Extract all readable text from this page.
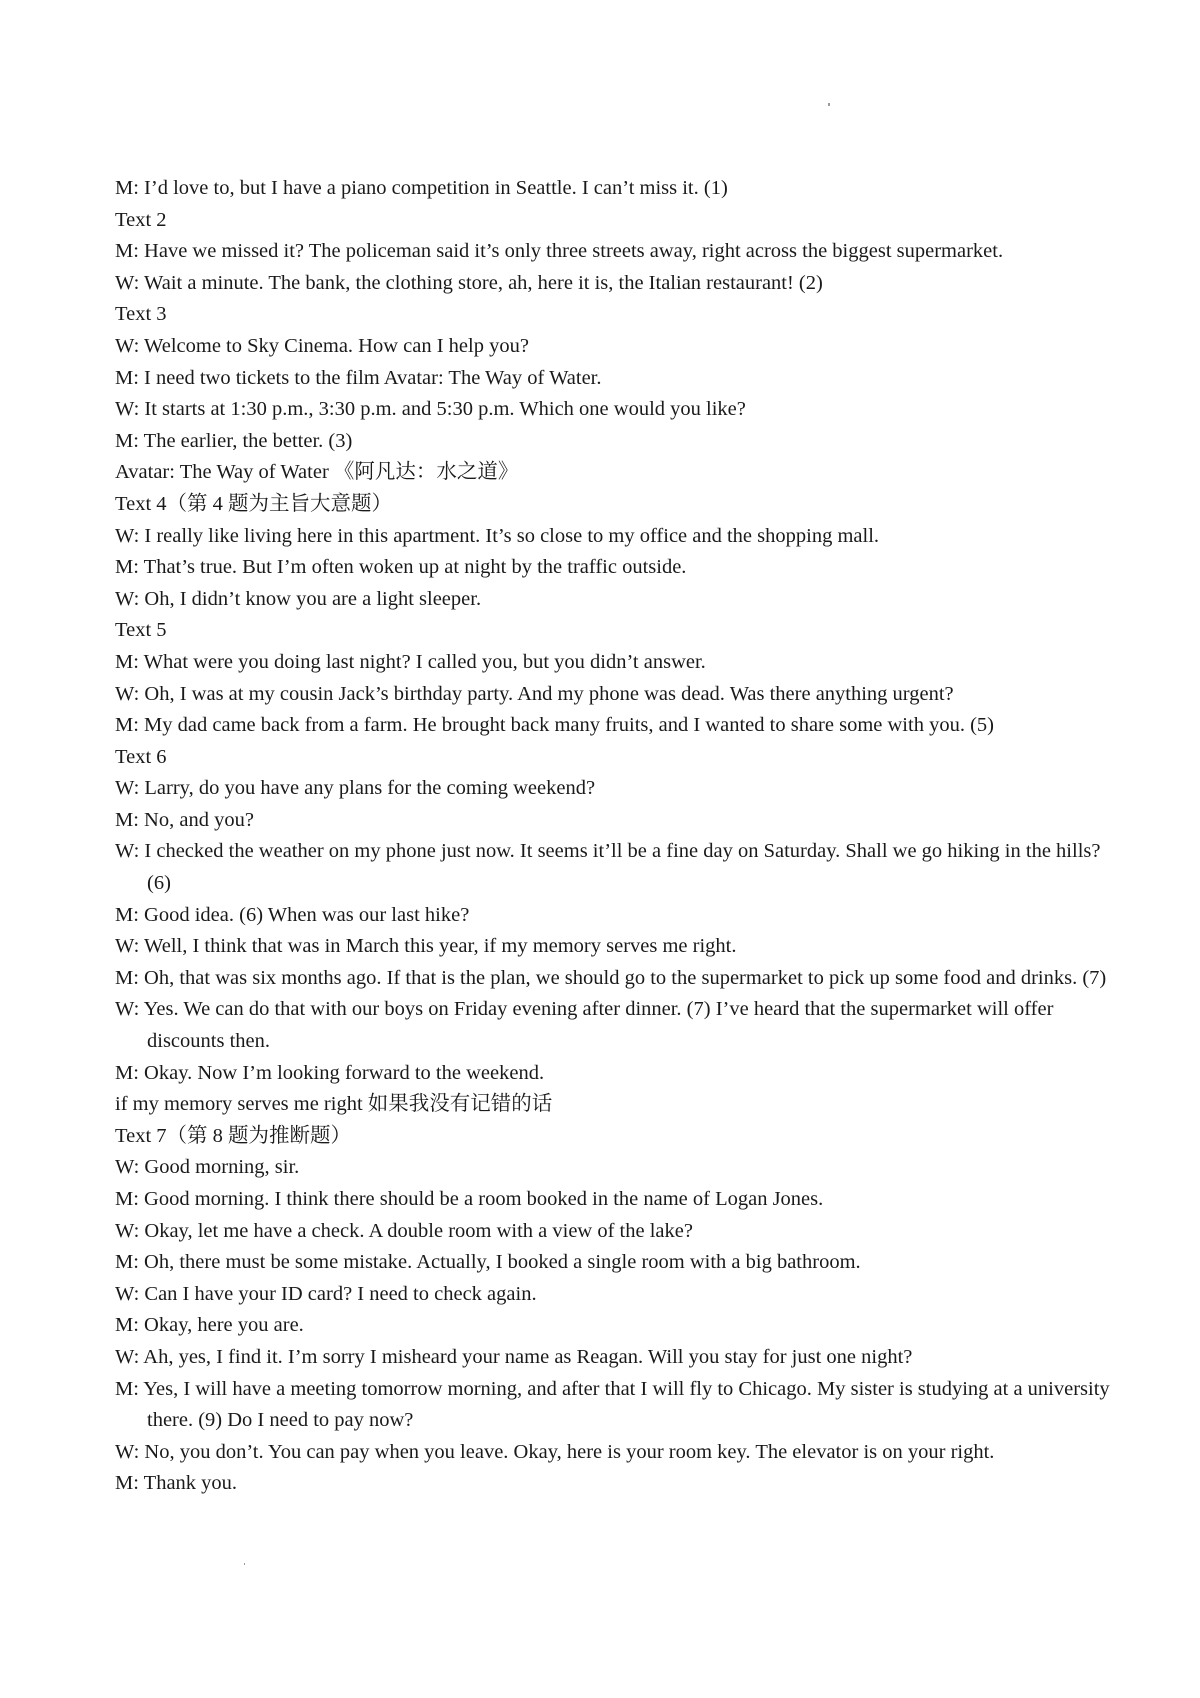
M: I’d love to, but I have a piano competition in Seattle. I can’t miss it. (1)

Text 2

M: Have we missed it? The policeman said it’s only three streets away, right across the biggest supermarket.

W: Wait a minute. The bank, the clothing store, ah, here it is, the Italian restaurant! (2)

Text 3

W: Welcome to Sky Cinema. How can I help you?

M: I need two tickets to the film Avatar: The Way of Water.

W: It starts at 1:30 p.m., 3:30 p.m. and 5:30 p.m. Which one would you like?

M: The earlier, the better. (3)

Avatar: The Way of Water 《阿凡达：水之道》

Text 4（第 4 题为主旨大意题）

W: I really like living here in this apartment. It’s so close to my office and the shopping mall.

M: That’s true. But I’m often woken up at night by the traffic outside.

W: Oh, I didn’t know you are a light sleeper.

Text 5

M: What were you doing last night? I called you, but you didn’t answer.

W: Oh, I was at my cousin Jack’s birthday party. And my phone was dead. Was there anything urgent?

M: My dad came back from a farm. He brought back many fruits, and I wanted to share some with you. (5)

Text 6

W: Larry, do you have any plans for the coming weekend?

M: No, and you?

W: I checked the weather on my phone just now. It seems it’ll be a fine day on Saturday. Shall we go hiking in the hills? (6)

M: Good idea. (6) When was our last hike?

W: Well, I think that was in March this year, if my memory serves me right.

M: Oh, that was six months ago. If that is the plan, we should go to the supermarket to pick up some food and drinks. (7)

W: Yes. We can do that with our boys on Friday evening after dinner. (7) I’ve heard that the supermarket will offer discounts then.

M: Okay. Now I’m looking forward to the weekend.

if my memory serves me right 如果我没有记错的话

Text 7（第 8 题为推断题）

W: Good morning, sir.

M: Good morning. I think there should be a room booked in the name of Logan Jones.

W: Okay, let me have a check. A double room with a view of the lake?

M: Oh, there must be some mistake. Actually, I booked a single room with a big bathroom.

W: Can I have your ID card? I need to check again.

M: Okay, here you are.

W: Ah, yes, I find it. I’m sorry I misheard your name as Reagan. Will you stay for just one night?

M: Yes, I will have a meeting tomorrow morning, and after that I will fly to Chicago. My sister is studying at a university there. (9) Do I need to pay now?

W: No, you don’t. You can pay when you leave. Okay, here is your room key. The elevator is on your right.

M: Thank you.
